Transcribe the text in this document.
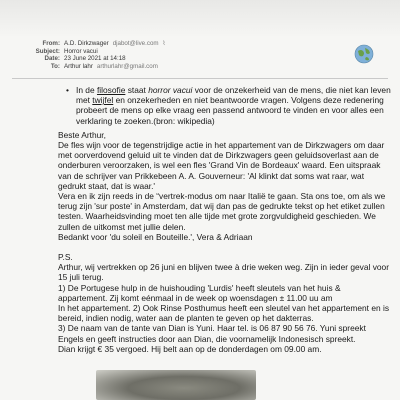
From: A.D. Dirkzwager djabot@live.com ⌇
Subject: Horror vacui
Date: 23 June 2021 at 14:18
To: Arthur lahr arthurlahr@gmail.com
• In de filosofie staat horror vacui voor de onzekerheid van de mens, die niet kan leven met twijfel en onzekerheden en niet beantwoorde vragen. Volgens deze redenering probeert de mens op elke vraag een passend antwoord te vinden en voor alles een verklaring te zoeken.(bron: wikipedia)

Beste Arthur,

De fles wijn voor de tegenstrijdige actie in het appartement van de Dirkzwagers om daar met oorverdovend geluid uit te vinden dat de Dirkzwagers geen geluidsoverlast aan de onderburen veroorzaken, is wel een fles 'Grand Vin de Bordeaux' waard. Een uitspraak van de schrijver van Prikkebeen A. A. Gouverneur: 'Al klinkt dat soms wat raar, wat gedrukt staat, dat is waar.'

Vera en ik zijn reeds in de “vertrek-modus om naar Italië te gaan. Sta ons toe, om als we terug zijn 'sur poste' in Amsterdam, dat wij dan pas de gedrukte tekst op het etiket zullen testen. Waarheidsvinding moet ten alle tijde met grote zorgvuldigheid geschieden. We zullen de uitkomst met jullie delen.

Bedankt voor 'du soleil en Bouteille.', Vera & Adriaan

P.S.

Arthur, wij vertrekken op 26 juni en blijven twee à drie weken weg. Zijn in ieder geval voor 15 juli terug.

1) De Portugese hulp in de huishouding 'Lurdis' heeft sleutels van het huis & appartement. Zij komt eénmaal in de week op woensdagen ± 11.00 uu am

In het appartement. 2) Ook Rinse Posthumus heeft een sleutel van het appartement en is bereid, indien nodig, water aan de planten te geven op het dakterras.

3) De naam van de tante van Dian is Yuni. Haar tel. is 06 87 90 56 76. Yuni spreekt Engels en geeft instructies door aan Dian, die voornamelijk Indonesisch spreekt.

Dian krijgt € 35 vergoed. Hij belt aan op de donderdagen om 09.00 am.
